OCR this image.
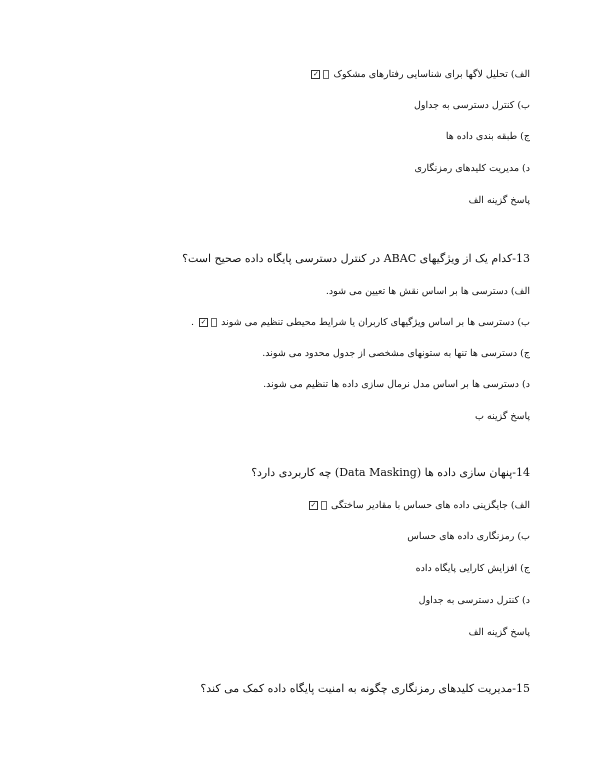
الف) تحلیل لاگها برای شناسایی رفتارهای مشکوک ✓
ب) کنترل دسترسی به جداول
ج) طبقه بندی داده ها
د) مدیریت کلیدهای رمزنگاری
پاسخ گزینه الف
13-کدام یک از ویژگیهای ABAC در کنترل دسترسی پایگاه داده صحیح است؟
الف) دسترسی ها بر اساس نقش ها تعیین می شود.
ب) دسترسی ها بر اساس ویژگیهای کاربران یا شرایط محیطی تنظیم می شوند ✓ .
ج) دسترسی ها تنها به ستونهای مشخصی از جدول محدود می شوند.
د) دسترسی ها بر اساس مدل نرمال سازی داده ها تنظیم می شوند.
پاسخ گزینه ب
14-پنهان سازی داده ها (Data Masking) چه کاربردی دارد؟
الف) جایگزینی داده های حساس با مقادیر ساختگی ✓
ب) رمزنگاری داده های حساس
ج) افزایش کارایی پایگاه داده
د) کنترل دسترسی به جداول
پاسخ گزینه الف
15-مدیریت کلیدهای رمزنگاری چگونه به امنیت پایگاه داده کمک می کند؟
